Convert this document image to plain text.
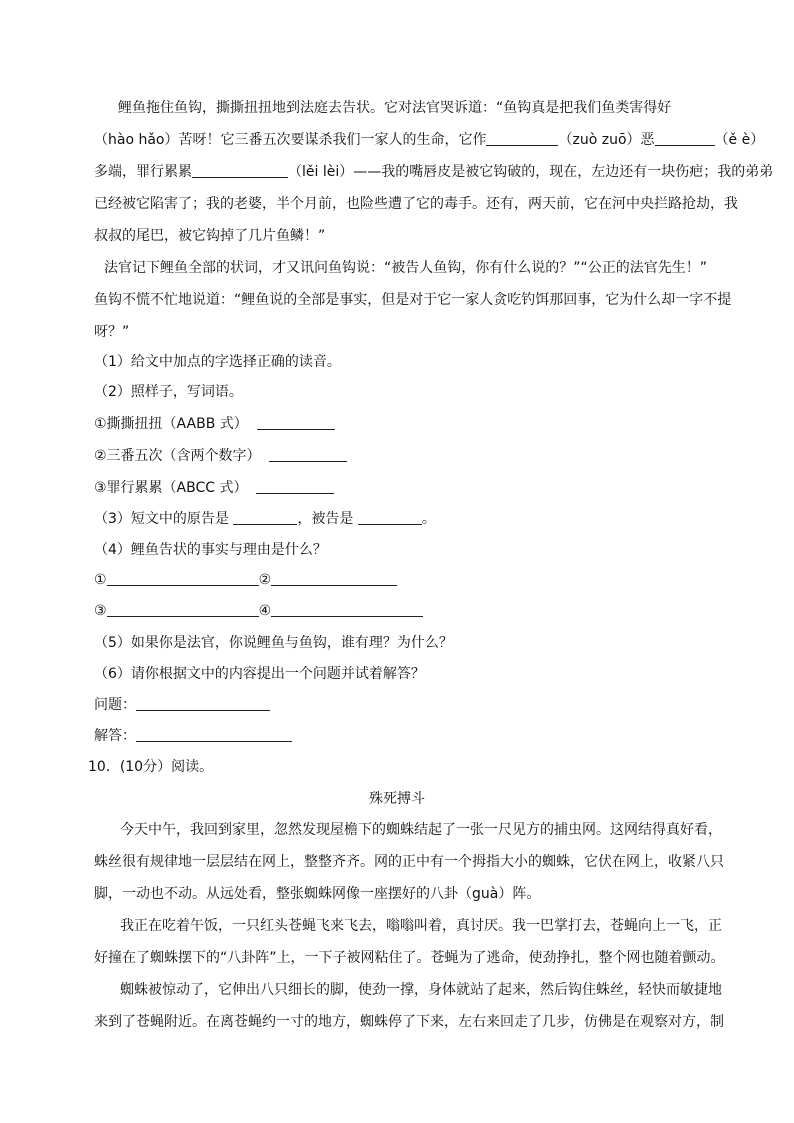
鲤鱼拖住鱼钩，撕撕扭扭地到法庭去告状。它对法官哭诉道：“鱼钩真是把我们鱼类害得好
（hào hǎo）苦呀！它三番五次要谋杀我们一家人的生命，它作	（zuò zuō）恶	（ě è）
多端，罪行累累	（lěi lèi）——我的嘴唇皮是被它钩破的，现在，左边还有一块伤疤；我的弟弟
已经被它陷害了；我的老婆，半个月前，也险些遭了它的毒手。还有，两天前，它在河中央拦路抢劫，我
叔叔的尾巴，被它钩掉了几片鱼鳞！”
法官记下鲤鱼全部的状词，才又讯问鱼钩说：“被告人鱼钩，你有什么说的？”“公正的法官先生！”
鱼钩不慌不忙地说道：“鲤鱼说的全部是事实，但是对于它一家人贪吃钓饵那回事，它为什么却一字不提
呀？”
（1）给文中加点的字选择正确的读音。
（2）照样子，写词语。
①撕撕扭扭（AABB 式）
②三番五次（含两个数字）
③罪行累累（ABCC 式）
（3）短文中的原告是	，被告是	。
（4）鲤鱼告状的事实与理由是什么？
①	②
③	④
（5）如果你是法官，你说鲤鱼与鱼钩，谁有理？为什么？
（6）请你根据文中的内容提出一个问题并试着解答？
问题：
解答：
10．(10分）阅读。
殊死搏斗
今天中午，我回到家里，忽然发现屋檐下的蜘蛛结起了一张一尺见方的捕虫网。这网结得真好看，
蛛丝很有规律地一层层结在网上，整整齐齐。网的正中有一个拇指大小的蜘蛛，它伏在网上，收紧八只
脚，一动也不动。从远处看，整张蜘蛛网像一座摆好的八卦（guà）阵。
我正在吃着午饭，一只红头苍蝇飞来飞去，嗡嗡叫着，真讨厌。我一巴掌打去，苍蝇向上一飞，正
好撞在了蜘蛛摆下的“八卦阵”上，一下子被网粘住了。苍蝇为了逃命，使劲挣扎，整个网也随着颤动。
蜘蛛被惊动了，它伸出八只细长的脚，使劲一撑，身体就站了起来，然后钩住蛛丝，轻快而敏捷地
来到了苍蝇附近。在离苍蝇约一寸的地方，蜘蛛停了下来，左右来回走了几步，仿佛是在观察对方，制
